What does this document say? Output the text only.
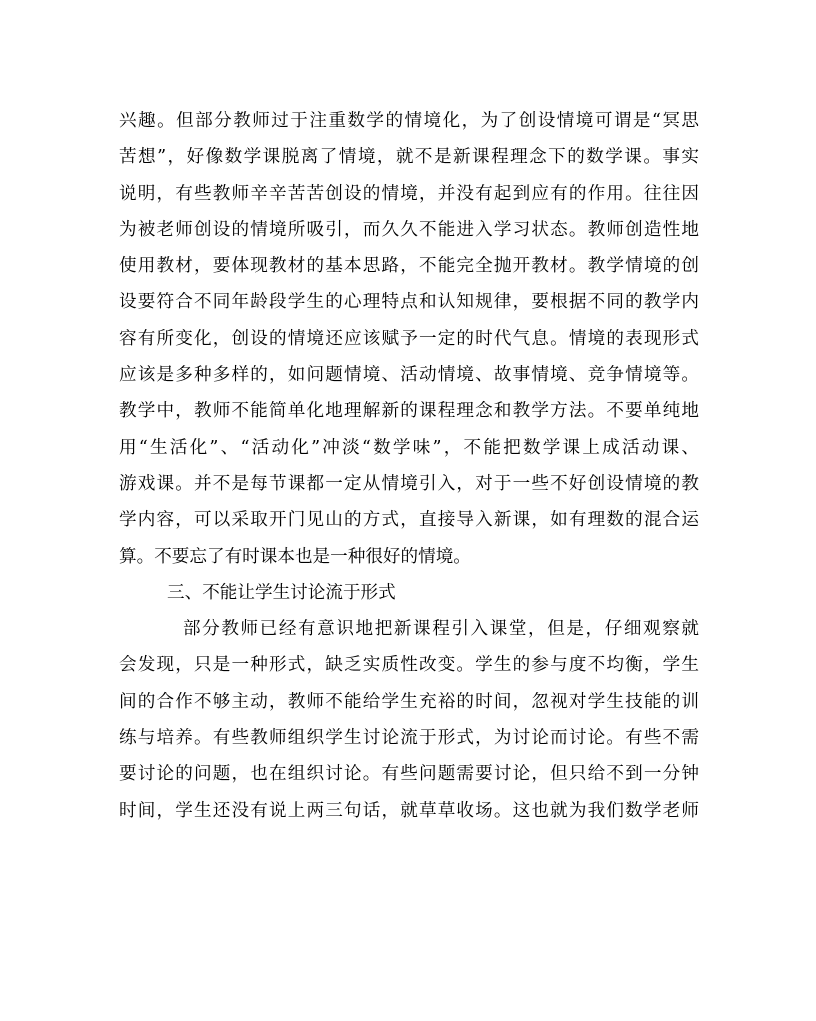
兴趣。但部分教师过于注重数学的情境化，为了创设情境可谓是“冥思
苦想”，好像数学课脱离了情境，就不是新课程理念下的数学课。事实
说明，有些教师辛辛苦苦创设的情境，并没有起到应有的作用。往往因
为被老师创设的情境所吸引，而久久不能进入学习状态。教师创造性地
使用教材，要体现教材的基本思路，不能完全抛开教材。教学情境的创
设要符合不同年龄段学生的心理特点和认知规律，要根据不同的教学内
容有所变化，创设的情境还应该赋予一定的时代气息。情境的表现形式
应该是多种多样的，如问题情境、活动情境、故事情境、竞争情境等。
教学中，教师不能简单化地理解新的课程理念和教学方法。不要单纯地
用“生活化”、“活动化”冲淡“数学味”，不能把数学课上成活动课、
游戏课。并不是每节课都一定从情境引入，对于一些不好创设情境的教
学内容，可以采取开门见山的方式，直接导入新课，如有理数的混合运
算。不要忘了有时课本也是一种很好的情境。
三、不能让学生讨论流于形式
部分教师已经有意识地把新课程引入课堂，但是，仔细观察就
会发现，只是一种形式，缺乏实质性改变。学生的参与度不均衡，学生
间的合作不够主动，教师不能给学生充裕的时间，忽视对学生技能的训
练与培养。有些教师组织学生讨论流于形式，为讨论而讨论。有些不需
要讨论的问题，也在组织讨论。有些问题需要讨论，但只给不到一分钟
时间，学生还没有说上两三句话，就草草收场。这也就为我们数学老师
